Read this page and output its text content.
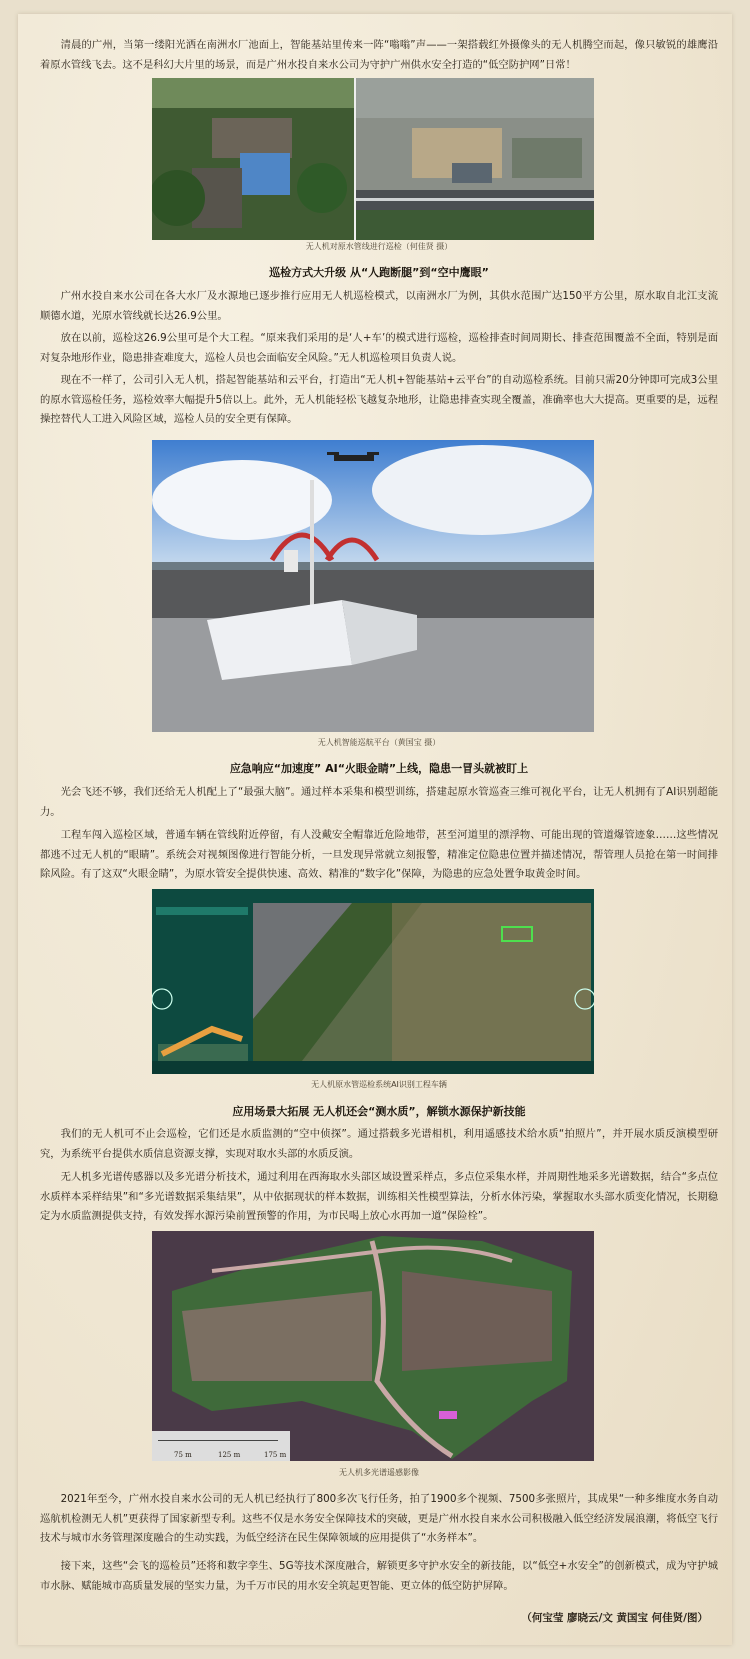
清晨的广州，当第一缕阳光洒在南洲水厂池面上，智能基站里传来一阵“嗡嗡”声——一架搭载红外摄像头的无人机腾空而起，像只敏锐的雄鹰沿着原水管线飞去。这不是科幻大片里的场景，而是广州水投自来水公司为守护广州供水安全打造的“低空防护网”日常！

无人机对原水管线进行巡检（何佳贤 摄）
巡检方式大升级 从“人跑断腿”到“空中鹰眼”

广州水投自来水公司在各大水厂及水源地已逐步推行应用无人机巡检模式，以南洲水厂为例，其供水范围广达150平方公里，原水取自北江支流顺德水道，光原水管线就长达26.9公里。

放在以前，巡检这26.9公里可是个大工程。“原来我们采用的是‘人+车’的模式进行巡检，巡检排查时间周期长、排查范围覆盖不全面，特别是面对复杂地形作业，隐患排查难度大，巡检人员也会面临安全风险。”无人机巡检项目负责人说。

现在不一样了，公司引入无人机，搭起智能基站和云平台，打造出“无人机+智能基站+云平台”的自动巡检系统。目前只需20分钟即可完成3公里的原水管巡检任务，巡检效率大幅提升5倍以上。此外，无人机能轻松飞越复杂地形，让隐患排查实现全覆盖，准确率也大大提高。更重要的是，远程操控替代人工进入风险区域，巡检人员的安全更有保障。

无人机智能巡航平台（黄国宝 摄）
应急响应“加速度” AI“火眼金睛”上线，隐患一冒头就被盯上

光会飞还不够，我们还给无人机配上了“最强大脑”。通过样本采集和模型训练，搭建起原水管巡查三维可视化平台，让无人机拥有了AI识别超能力。

工程车闯入巡检区域，普通车辆在管线附近停留，有人没戴安全帽靠近危险地带，甚至河道里的漂浮物、可能出现的管道爆管迹象……这些情况都逃不过无人机的“眼睛”。系统会对视频图像进行智能分析，一旦发现异常就立刻报警，精准定位隐患位置并描述情况，帮管理人员抢在第一时间排除风险。有了这双“火眼金睛”，为原水管安全提供快速、高效、精准的“数字化”保障，为隐患的应急处置争取黄金时间。

无人机原水管巡检系统AI识别工程车辆
应用场景大拓展 无人机还会“测水质”，解锁水源保护新技能

我们的无人机可不止会巡检，它们还是水质监测的“空中侦探”。通过搭载多光谱相机，利用遥感技术给水质“拍照片”，并开展水质反演模型研究，为系统平台提供水质信息资源支撑，实现对取水头部的水质反演。

无人机多光谱传感器以及多光谱分析技术，通过利用在西海取水头部区域设置采样点，多点位采集水样，并周期性地采多光谱数据，结合“多点位水质样本采样结果”和“多光谱数据采集结果”，从中依据现状的样本数据，训练相关性模型算法，分析水体污染，掌握取水头部水质变化情况，长期稳定为水质监测提供支持，有效发挥水源污染前置预警的作用，为市民喝上放心水再加一道“保险栓”。

75 m	125 m	175 m
无人机多光谱遥感影像

2021年至今，广州水投自来水公司的无人机已经执行了800多次飞行任务，拍了1900多个视频、7500多张照片，其成果“一种多维度水务自动巡航机检测无人机”更获得了国家新型专利。这些不仅是水务安全保障技术的突破，更是广州水投自来水公司积极融入低空经济发展浪潮，将低空飞行技术与城市水务管理深度融合的生动实践，为低空经济在民生保障领域的应用提供了“水务样本”。

接下来，这些“会飞的巡检员”还将和数字孪生、5G等技术深度融合，解锁更多守护水安全的新技能，以“低空+水安全”的创新模式，成为守护城市水脉、赋能城市高质量发展的坚实力量，为千万市民的用水安全筑起更智能、更立体的低空防护屏障。

（何宝莹 廖晓云/文 黄国宝 何佳贤/图）
